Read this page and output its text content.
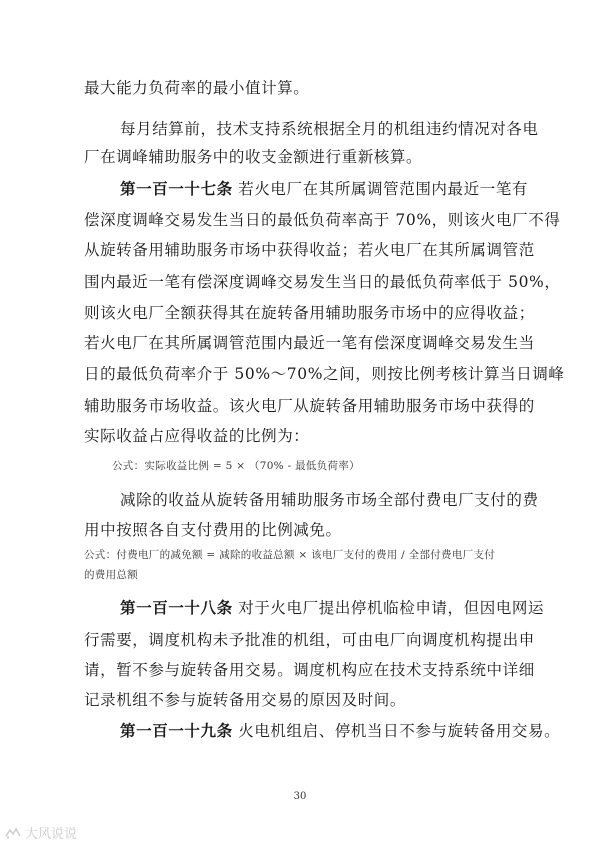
最大能力负荷率的最小值计算。
每月结算前，技术支持系统根据全月的机组违约情况对各电
厂在调峰辅助服务中的收支金额进行重新核算。
第一百一十七条 若火电厂在其所属调管范围内最近一笔有
偿深度调峰交易发生当日的最低负荷率高于 70%，则该火电厂不得
从旋转备用辅助服务市场中获得收益；若火电厂在其所属调管范
围内最近一笔有偿深度调峰交易发生当日的最低负荷率低于 50%，
则该火电厂全额获得其在旋转备用辅助服务市场中的应得收益；
若火电厂在其所属调管范围内最近一笔有偿深度调峰交易发生当
日的最低负荷率介于 50%～70%之间，则按比例考核计算当日调峰
辅助服务市场收益。该火电厂从旋转备用辅助服务市场中获得的
实际收益占应得收益的比例为：
公式：实际收益比例 = 5 × （70% - 最低负荷率）
减除的收益从旋转备用辅助服务市场全部付费电厂支付的费
用中按照各自支付费用的比例减免。
公式：付费电厂的减免额 = 减除的收益总额 × 该电厂支付的费用 / 全部付费电厂支付
的费用总额
第一百一十八条 对于火电厂提出停机临检申请，但因电网运
行需要，调度机构未予批准的机组，可由电厂向调度机构提出申
请，暂不参与旋转备用交易。调度机构应在技术支持系统中详细
记录机组不参与旋转备用交易的原因及时间。
第一百一十九条 火电机组启、停机当日不参与旋转备用交易。
30
大风说说
